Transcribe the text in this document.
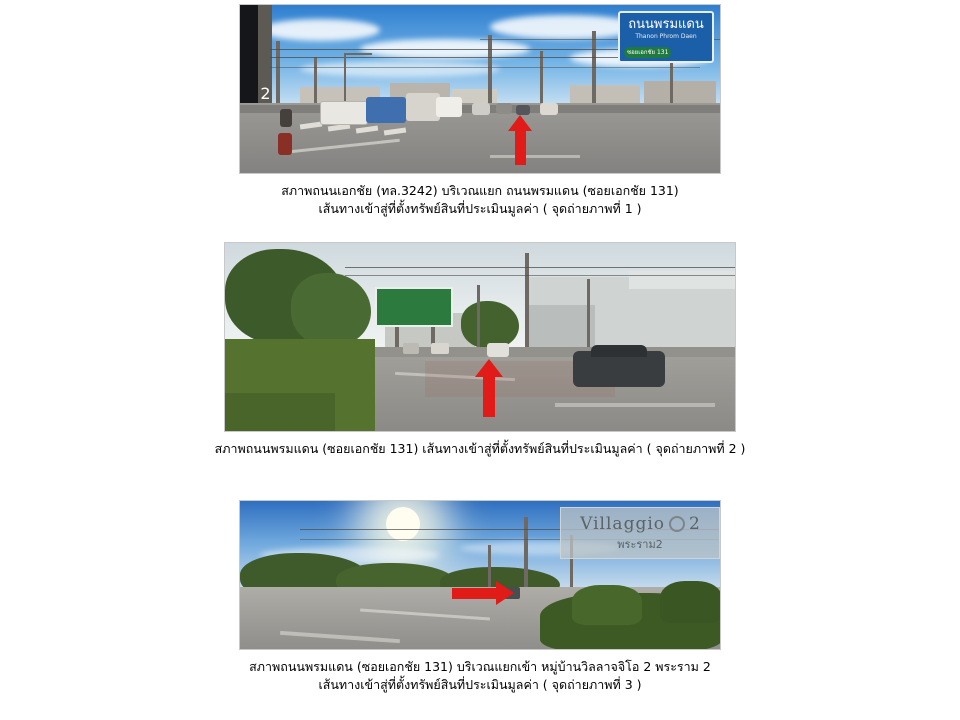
2
ถนนพรมแดน
Thanon Phrom Daen
ซอยเอกชัย 131
สภาพถนนเอกชัย (ทล.3242) บริเวณแยก ถนนพรมแดน (ซอยเอกชัย 131)
เส้นทางเข้าสู่ที่ตั้งทรัพย์สินที่ประเมินมูลค่า ( จุดถ่ายภาพที่ 1 )
สภาพถนนพรมแดน (ซอยเอกชัย 131) เส้นทางเข้าสู่ที่ตั้งทรัพย์สินที่ประเมินมูลค่า ( จุดถ่ายภาพที่ 2 )
Villaggio 2
พระราม2
สภาพถนนพรมแดน (ซอยเอกชัย 131) บริเวณแยกเข้า หมู่บ้านวิลลาจจิโอ 2 พระราม 2
เส้นทางเข้าสู่ที่ตั้งทรัพย์สินที่ประเมินมูลค่า ( จุดถ่ายภาพที่ 3 )
